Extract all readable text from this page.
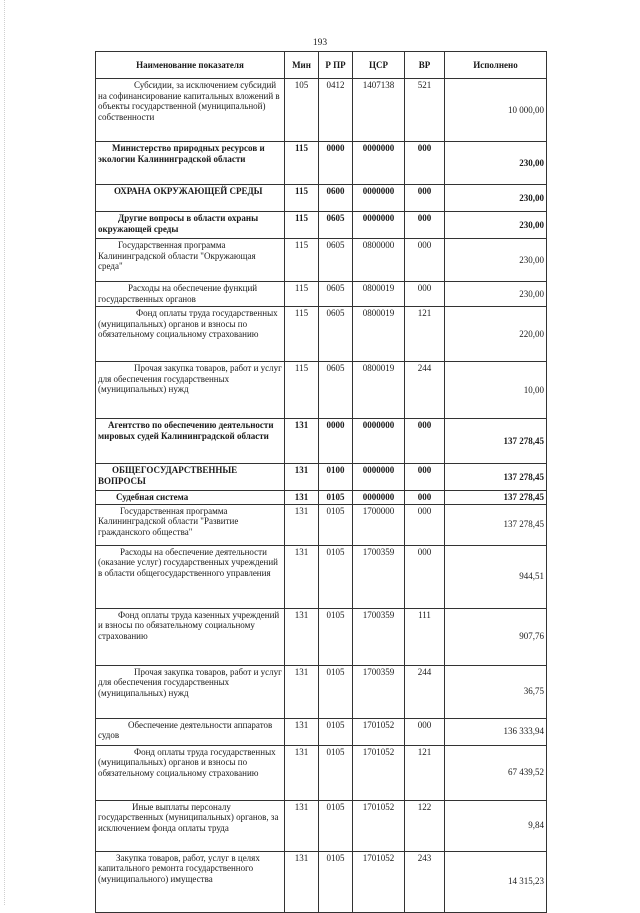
193
Наименование показателя	Мин	Р ПР	ЦСР	ВР	Исполнено
Субсидии, за исключением субсидий на софинансирование капитальных вложений в объекты государственной (муниципальной) собственности	105	0412	1407138	521	10 000,00
Министерство природных ресурсов и экологии Калининградской области	115	0000	0000000	000	230,00
ОХРАНА ОКРУЖАЮЩЕЙ СРЕДЫ	115	0600	0000000	000	230,00
Другие вопросы в области охраны окружающей среды	115	0605	0000000	000	230,00
Государственная программа Калининградской области "Окружающая среда"	115	0605	0800000	000	230,00
Расходы на обеспечение функций государственных органов	115	0605	0800019	000	230,00
Фонд оплаты труда государственных (муниципальных) органов и взносы по обязательному социальному страхованию	115	0605	0800019	121	220,00
Прочая закупка товаров, работ и услуг для обеспечения государственных (муниципальных) нужд	115	0605	0800019	244	10,00
Агентство по обеспечению деятельности мировых судей Калининградской области	131	0000	0000000	000	137 278,45
ОБЩЕГОСУДАРСТВЕННЫЕ ВОПРОСЫ	131	0100	0000000	000	137 278,45
Судебная система	131	0105	0000000	000	137 278,45
Государственная программа Калининградской области "Развитие гражданского общества"	131	0105	1700000	000	137 278,45
Расходы на обеспечение деятельности (оказание услуг) государственных учреждений в области общегосударственного управления	131	0105	1700359	000	944,51
Фонд оплаты труда казенных учреждений и взносы по обязательному социальному страхованию	131	0105	1700359	111	907,76
Прочая закупка товаров, работ и услуг для обеспечения государственных (муниципальных) нужд	131	0105	1700359	244	36,75
Обеспечение деятельности аппаратов судов	131	0105	1701052	000	136 333,94
Фонд оплаты труда государственных (муниципальных) органов и взносы по обязательному социальному страхованию	131	0105	1701052	121	67 439,52
Иные выплаты персоналу государственных (муниципальных) органов, за исключением фонда оплаты труда	131	0105	1701052	122	9,84
Закупка товаров, работ, услуг в целях капитального ремонта государственного (муниципального) имущества	131	0105	1701052	243	14 315,23
